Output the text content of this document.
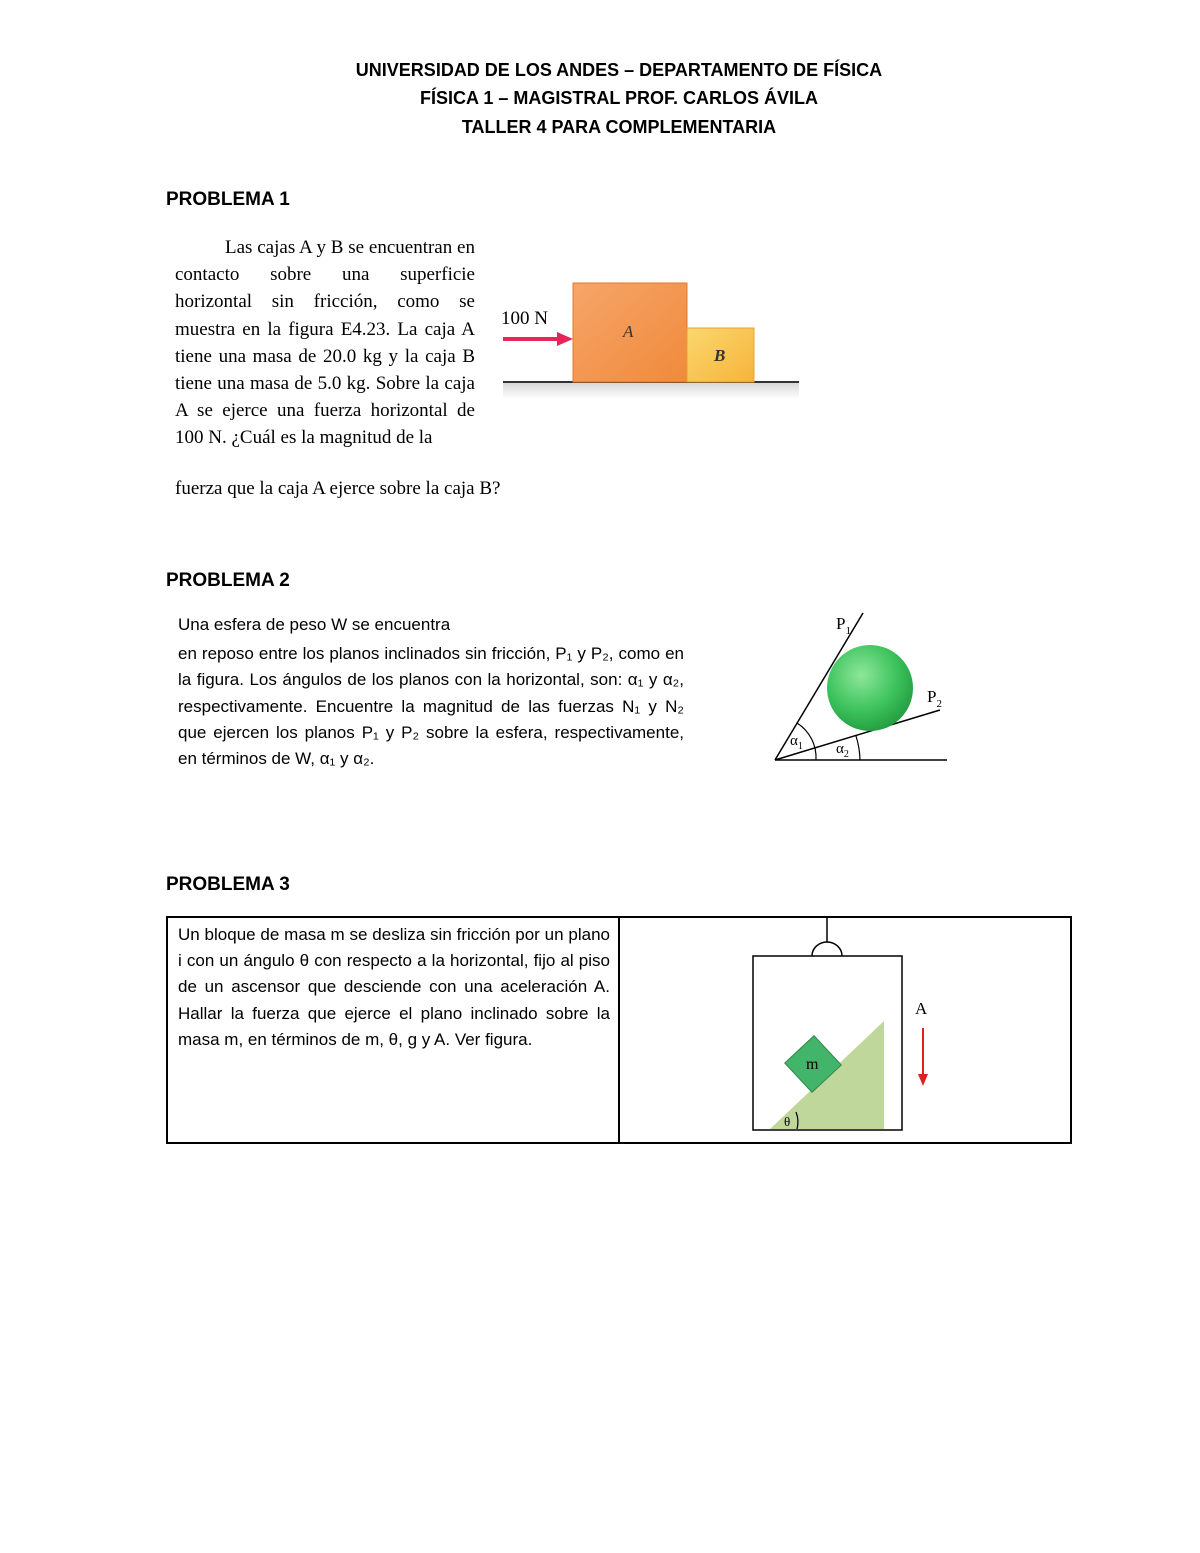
UNIVERSIDAD DE LOS ANDES – DEPARTAMENTO DE FÍSICA
FÍSICA 1 – MAGISTRAL PROF. CARLOS ÁVILA
TALLER 4 PARA COMPLEMENTARIA
PROBLEMA 1
Las cajas A y B se encuentran en contacto sobre una superficie horizontal sin fricción, como se muestra en la figura E4.23. La caja A tiene una masa de 20.0 kg y la caja B tiene una masa de 5.0 kg. Sobre la caja A se ejerce una fuerza horizontal de 100 N. ¿Cuál es la magnitud de la
fuerza que la caja A ejerce sobre la caja B?
A
B
100 N
PROBLEMA 2
Una esfera de peso W se encuentra
en reposo entre los planos inclinados sin fricción, P₁ y P₂, como en la figura. Los ángulos de los planos con la horizontal, son: α₁ y α₂, respectivamente. Encuentre la magnitud de las fuerzas N₁ y N₂ que ejercen los planos P₁ y P₂ sobre la esfera, respectivamente, en términos de W, α₁ y α₂.
$P_1$
$P_2$
$\alpha_1$ $\alpha_2$
PROBLEMA 3
Un bloque de masa m se desliza sin fricción por un plano i con un ángulo θ con respecto a la horizontal, fijo al piso de un ascensor que desciende con una aceleración A. Hallar la fuerza que ejerce el plano inclinado sobre la masa m, en términos de m, θ, g y A. Ver figura.
m
θ
A
